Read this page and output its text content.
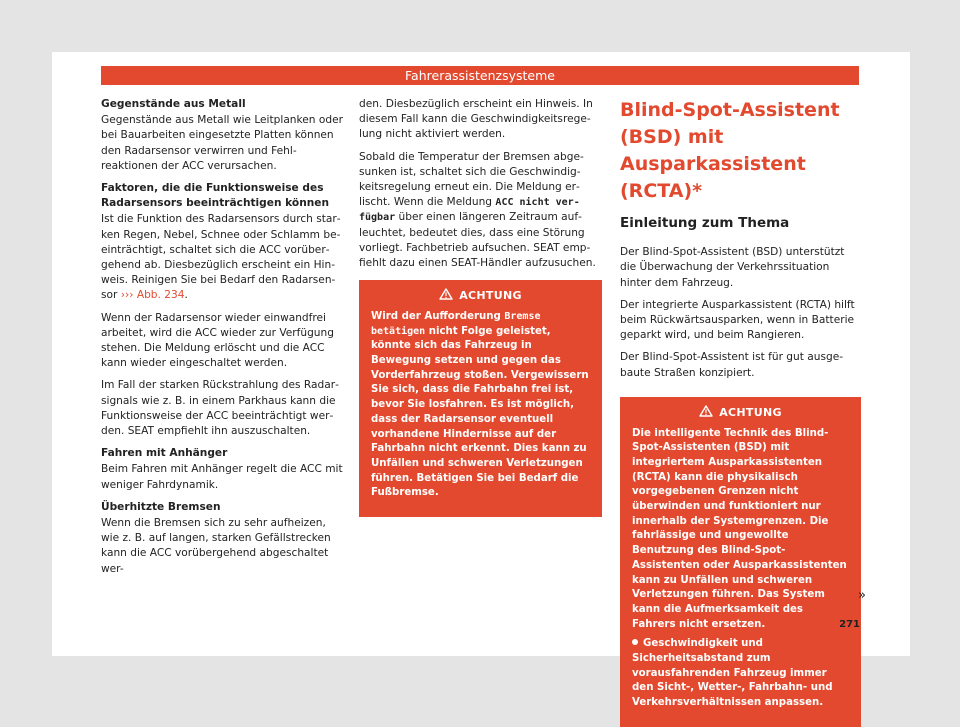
Fahrerassistenzsysteme

Gegenstände aus Metall

Gegenstände aus Metall wie Leitplanken oder bei Bauarbeiten eingesetzte Platten können den Radarsensor verwirren und Fehlreaktionen der ACC verursachen.

Faktoren, die die Funktionsweise des Radarsensors beeinträchtigen können

Ist die Funktion des Radarsensors durch starken Regen, Nebel, Schnee oder Schlamm beeinträchtigt, schaltet sich die ACC vorübergehend ab. Diesbezüglich erscheint ein Hinweis. Reinigen Sie bei Bedarf den Radarsensor ››› Abb. 234.

Wenn der Radarsensor wieder einwandfrei arbeitet, wird die ACC wieder zur Verfügung stehen. Die Meldung erlöscht und die ACC kann wieder eingeschaltet werden.

Im Fall der starken Rückstrahlung des Radarsignals wie z. B. in einem Parkhaus kann die Funktionsweise der ACC beeinträchtigt werden. SEAT empfiehlt ihn auszuschalten.

Fahren mit Anhänger

Beim Fahren mit Anhänger regelt die ACC mit weniger Fahrdynamik.

Überhitzte Bremsen

Wenn die Bremsen sich zu sehr aufheizen, wie z. B. auf langen, starken Gefällstrecken kann die ACC vorübergehend abgeschaltet wer-

den. Diesbezüglich erscheint ein Hinweis. In diesem Fall kann die Geschwindigkeitsregelung nicht aktiviert werden.

Sobald die Temperatur der Bremsen abgesunken ist, schaltet sich die Geschwindigkeitsregelung erneut ein. Die Meldung erlischt. Wenn die Meldung ACC nicht verfügbar über einen längeren Zeitraum aufleuchtet, bedeutet dies, dass eine Störung vorliegt. Fachbetrieb aufsuchen. SEAT empfiehlt dazu einen SEAT-Händler aufzusuchen.

ACHTUNG

Wird der Aufforderung Bremse betätigen nicht Folge geleistet, könnte sich das Fahrzeug in Bewegung setzen und gegen das Vorderfahrzeug stoßen. Vergewissern Sie sich, dass die Fahrbahn frei ist, bevor Sie losfahren. Es ist möglich, dass der Radarsensor eventuell vorhandene Hindernisse auf der Fahrbahn nicht erkennt. Dies kann zu Unfällen und schweren Verletzungen führen. Betätigen Sie bei Bedarf die Fußbremse.

Blind-Spot-Assistent (BSD) mit Ausparkassistent (RCTA)*
Einleitung zum Thema

Der Blind-Spot-Assistent (BSD) unterstützt die Überwachung der Verkehrssituation hinter dem Fahrzeug.

Der integrierte Ausparkassistent (RCTA) hilft beim Rückwärtsausparken, wenn in Batterie geparkt wird, und beim Rangieren.

Der Blind-Spot-Assistent ist für gut ausgebaute Straßen konzipiert.

ACHTUNG

Die intelligente Technik des Blind-Spot-Assistenten (BSD) mit integriertem Ausparkassistenten (RCTA) kann die physikalisch vorgegebenen Grenzen nicht überwinden und funktioniert nur innerhalb der Systemgrenzen. Die fahrlässige und ungewollte Benutzung des Blind-Spot-Assistenten oder Ausparkassistenten kann zu Unfällen und schweren Verletzungen führen. Das System kann die Aufmerksamkeit des Fahrers nicht ersetzen.

Geschwindigkeit und Sicherheitsabstand zum vorausfahrenden Fahrzeug immer den Sicht-, Wetter-, Fahrbahn- und Verkehrsverhältnissen anpassen.

»
271
